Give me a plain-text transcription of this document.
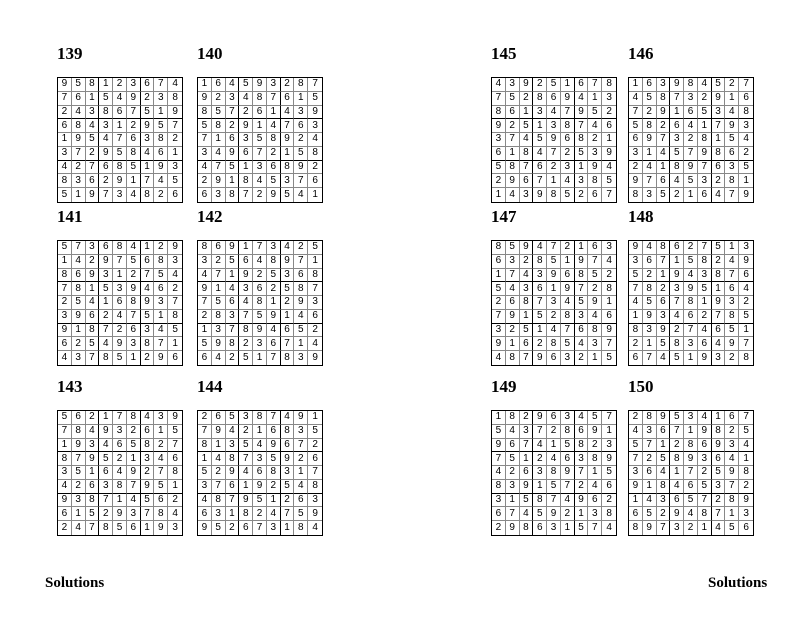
139
9 5 8 1 2 3 6 7 4
7 6 1 5 4 9 2 3 8
2 4 3 8 6 7 5 1 9
6 8 4 3 1 2 9 5 7
1 9 5 4 7 6 3 8 2
3 7 2 9 5 8 4 6 1
4 2 7 6 8 5 1 9 3
8 3 6 2 9 1 7 4 5
5 1 9 7 3 4 8 2 6
140
1 6 4 5 9 3 2 8 7
9 2 3 4 8 7 6 1 5
8 5 7 2 6 1 4 3 9
5 8 2 9 1 4 7 6 3
7 1 6 3 5 8 9 2 4
3 4 9 6 7 2 1 5 8
4 7 5 1 3 6 8 9 2
2 9 1 8 4 5 3 7 6
6 3 8 7 2 9 5 4 1
141
5 7 3 6 8 4 1 2 9
1 4 2 9 7 5 6 8 3
8 6 9 3 1 2 7 5 4
7 8 1 5 3 9 4 6 2
2 5 4 1 6 8 9 3 7
3 9 6 2 4 7 5 1 8
9 1 8 7 2 6 3 4 5
6 2 5 4 9 3 8 7 1
4 3 7 8 5 1 2 9 6
142
8 6 9 1 7 3 4 2 5
3 2 5 6 4 8 9 7 1
4 7 1 9 2 5 3 6 8
9 1 4 3 6 2 5 8 7
7 5 6 4 8 1 2 9 3
2 8 3 7 5 9 1 4 6
1 3 7 8 9 4 6 5 2
5 9 8 2 3 6 7 1 4
6 4 2 5 1 7 8 3 9
143
5 6 2 1 7 8 4 3 9
7 8 4 9 3 2 6 1 5
1 9 3 4 6 5 8 2 7
8 7 9 5 2 1 3 4 6
3 5 1 6 4 9 2 7 8
4 2 6 3 8 7 9 5 1
9 3 8 7 1 4 5 6 2
6 1 5 2 9 3 7 8 4
2 4 7 8 5 6 1 9 3
144
2 6 5 3 8 7 4 9 1
7 9 4 2 1 6 8 3 5
8 1 3 5 4 9 6 7 2
1 4 8 7 3 5 9 2 6
5 2 9 4 6 8 3 1 7
3 7 6 1 9 2 5 4 8
4 8 7 9 5 1 2 6 3
6 3 1 8 2 4 7 5 9
9 5 2 6 7 3 1 8 4
145
4 3 9 2 5 1 6 7 8
7 5 2 8 6 9 4 1 3
8 6 1 3 4 7 9 5 2
9 2 5 1 3 8 7 4 6
3 7 4 5 9 6 8 2 1
6 1 8 4 7 2 5 3 9
5 8 7 6 2 3 1 9 4
2 9 6 7 1 4 3 8 5
1 4 3 9 8 5 2 6 7
146
1 6 3 9 8 4 5 2 7
4 5 8 7 3 2 9 1 6
7 2 9 1 6 5 3 4 8
5 8 2 6 4 1 7 9 3
6 9 7 3 2 8 1 5 4
3 1 4 5 7 9 8 6 2
2 4 1 8 9 7 6 3 5
9 7 6 4 5 3 2 8 1
8 3 5 2 1 6 4 7 9
147
8 5 9 4 7 2 1 6 3
6 3 2 8 5 1 9 7 4
1 7 4 3 9 6 8 5 2
5 4 3 6 1 9 7 2 8
2 6 8 7 3 4 5 9 1
7 9 1 5 2 8 3 4 6
3 2 5 1 4 7 6 8 9
9 1 6 2 8 5 4 3 7
4 8 7 9 6 3 2 1 5
148
9 4 8 6 2 7 5 1 3
3 6 7 1 5 8 2 4 9
5 2 1 9 4 3 8 7 6
7 8 2 3 9 5 1 6 4
4 5 6 7 8 1 9 3 2
1 9 3 4 6 2 7 8 5
8 3 9 2 7 4 6 5 1
2 1 5 8 3 6 4 9 7
6 7 4 5 1 9 3 2 8
149
1 8 2 9 6 3 4 5 7
5 4 3 7 2 8 6 9 1
9 6 7 4 1 5 8 2 3
7 5 1 2 4 6 3 8 9
4 2 6 3 8 9 7 1 5
8 3 9 1 5 7 2 4 6
3 1 5 8 7 4 9 6 2
6 7 4 5 9 2 1 3 8
2 9 8 6 3 1 5 7 4
150
2 8 9 5 3 4 1 6 7
4 3 6 7 1 9 8 2 5
5 7 1 2 8 6 9 3 4
7 2 5 8 9 3 6 4 1
3 6 4 1 7 2 5 9 8
9 1 8 4 6 5 3 7 2
1 4 3 6 5 7 2 8 9
6 5 2 9 4 8 7 1 3
8 9 7 3 2 1 4 5 6
Solutions	Solutions
